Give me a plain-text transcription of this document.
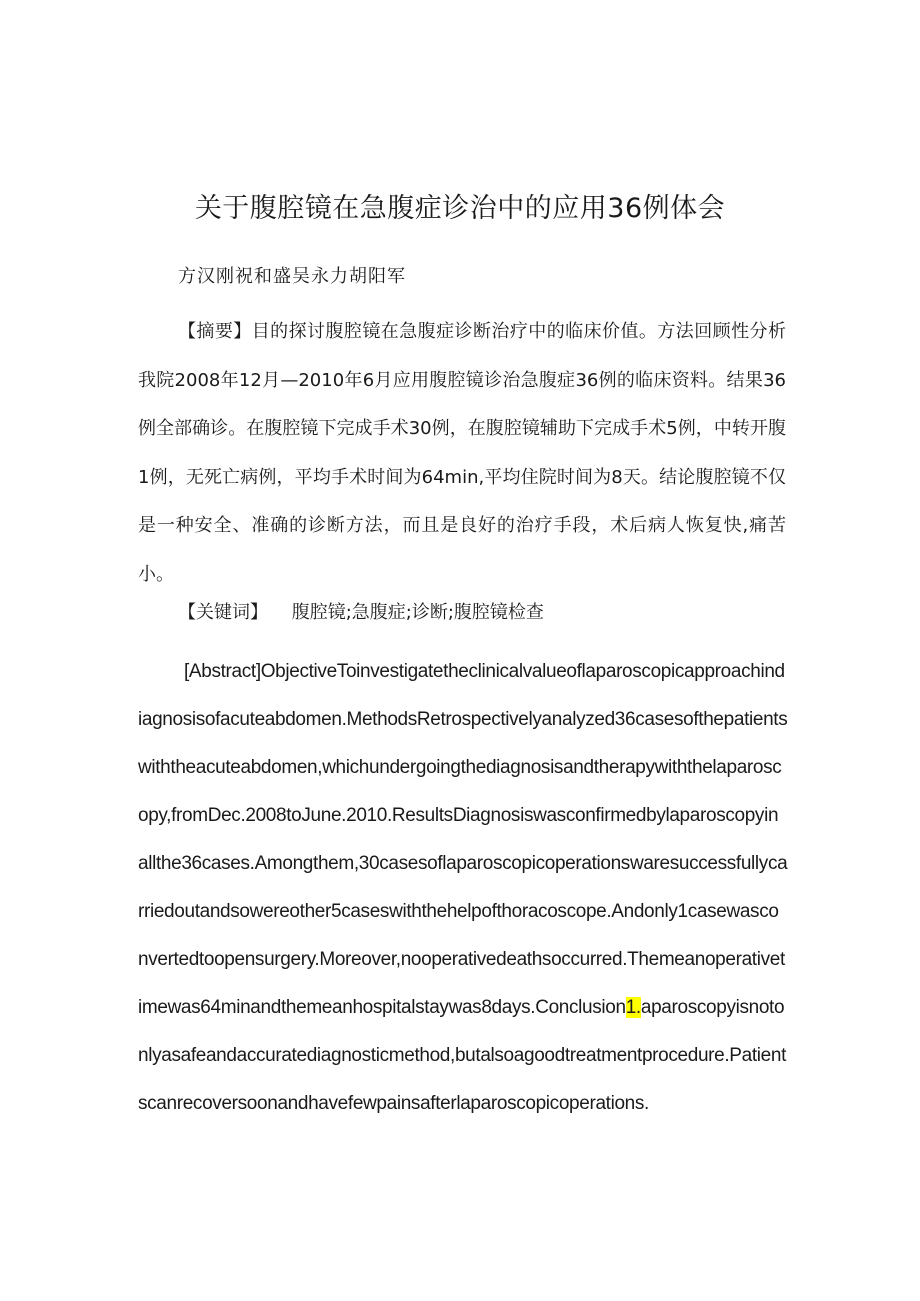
关于腹腔镜在急腹症诊治中的应用36例体会

方汉刚祝和盛吴永力胡阳军

【摘要】目的探讨腹腔镜在急腹症诊断治疗中的临床价值。方法回顾性分析我院2008年12月—2010年6月应用腹腔镜诊治急腹症36例的临床资料。结果36例全部确诊。在腹腔镜下完成手术30例，在腹腔镜辅助下完成手术5例，中转开腹1例，无死亡病例，平均手术时间为64min,平均住院时间为8天。结论腹腔镜不仅是一种安全、准确的诊断方法，而且是良好的治疗手段，术后病人恢复快,痛苦小。

【关键词】 腹腔镜;急腹症;诊断;腹腔镜检查

[Abstract]ObjectiveToinvestigatetheclinicalvalueoflaparoscopicapproachindiagnosisofacuteabdomen.MethodsRetrospectivelyanalyzed36casesofthepatientswiththeacuteabdomen,whichundergoingthediagnosisandtherapywiththelaparoscopy,fromDec.2008toJune.2010.ResultsDiagnosiswasconfirmedbylaparoscopyinallthe36cases.Amongthem,30casesoflaparoscopicoperationswaresuccessfullycarriedoutandsowereother5caseswiththehelpofthoracoscope.Andonly1casewasconvertedtoopensurgery.Moreover,nooperativedeathsoccurred.Themeanoperativetimewas64minandthemeanhospitalstaywas8days.Conclusion1.aparoscopyisnotonlyasafeandaccuratediagnosticmethod,butalsoagoodtreatmentprocedure.Patientscanrecoversoonandhavefewpainsafterlaparoscopicoperations.
